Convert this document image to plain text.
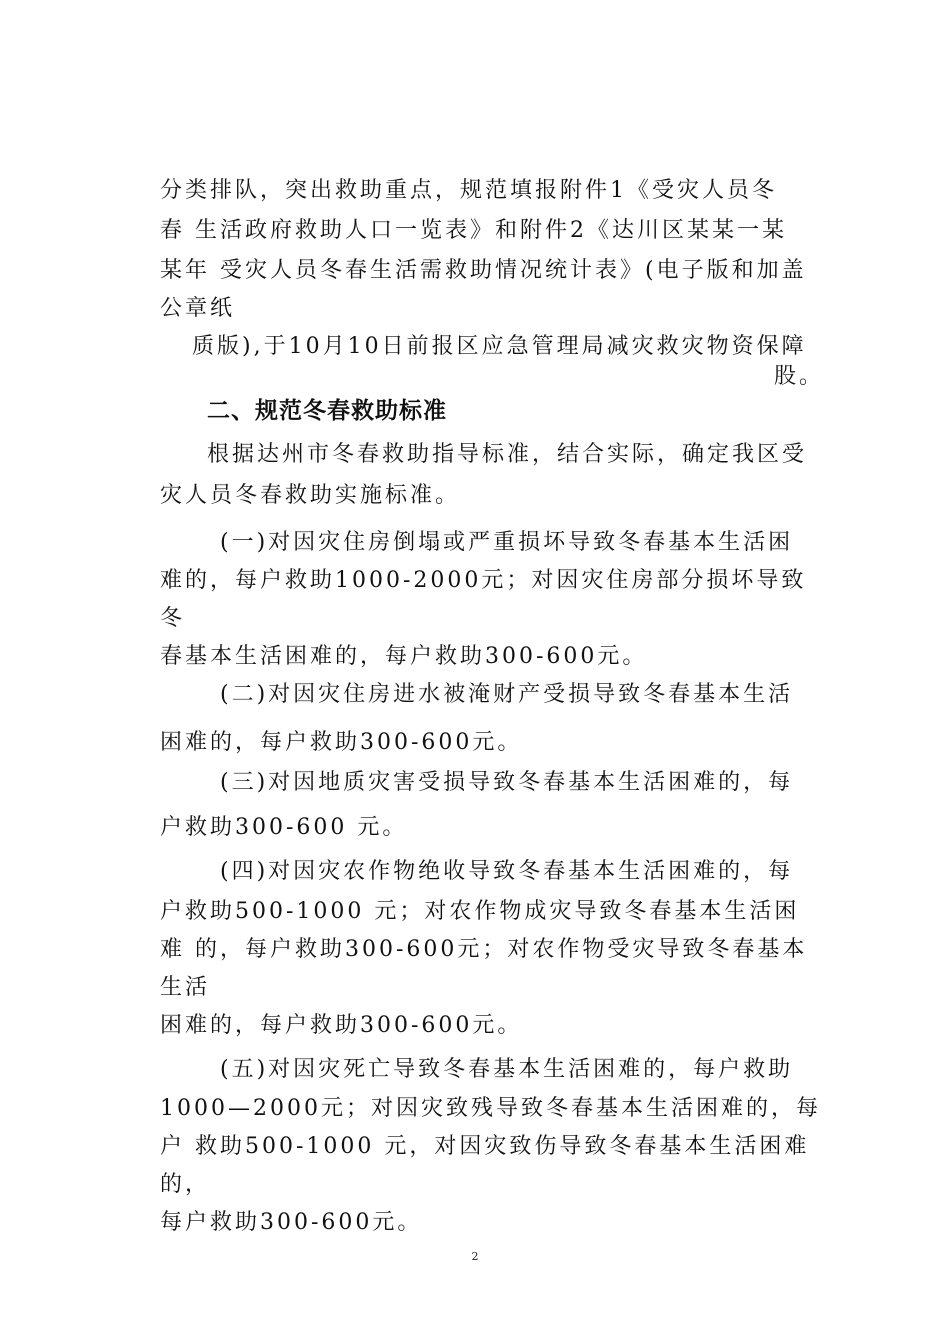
分类排队，突出救助重点，规范填报附件1《受灾人员冬
春 生活政府救助人口一览表》和附件2《达川区某某一某
某年 受灾人员冬春生活需救助情况统计表》(电子版和加盖
公章纸
质版),于10月10日前报区应急管理局减灾救灾物资保障
股。
二、规范冬春救助标准
根据达州市冬春救助指导标准，结合实际，确定我区受
灾人员冬春救助实施标准。
(一)对因灾住房倒塌或严重损坏导致冬春基本生活困
难的，每户救助1000-2000元；对因灾住房部分损坏导致
冬
春基本生活困难的，每户救助300-600元。
(二)对因灾住房进水被淹财产受损导致冬春基本生活
困难的，每户救助300-600元。
(三)对因地质灾害受损导致冬春基本生活困难的，每
户救助300-600 元。
(四)对因灾农作物绝收导致冬春基本生活困难的，每
户救助500-1000 元；对农作物成灾导致冬春基本生活困
难 的，每户救助300-600元；对农作物受灾导致冬春基本
生活
困难的，每户救助300-600元。
(五)对因灾死亡导致冬春基本生活困难的，每户救助
1000—2000元；对因灾致残导致冬春基本生活困难的，每
户 救助500-1000 元，对因灾致伤导致冬春基本生活困难
的，
每户救助300-600元。
2
